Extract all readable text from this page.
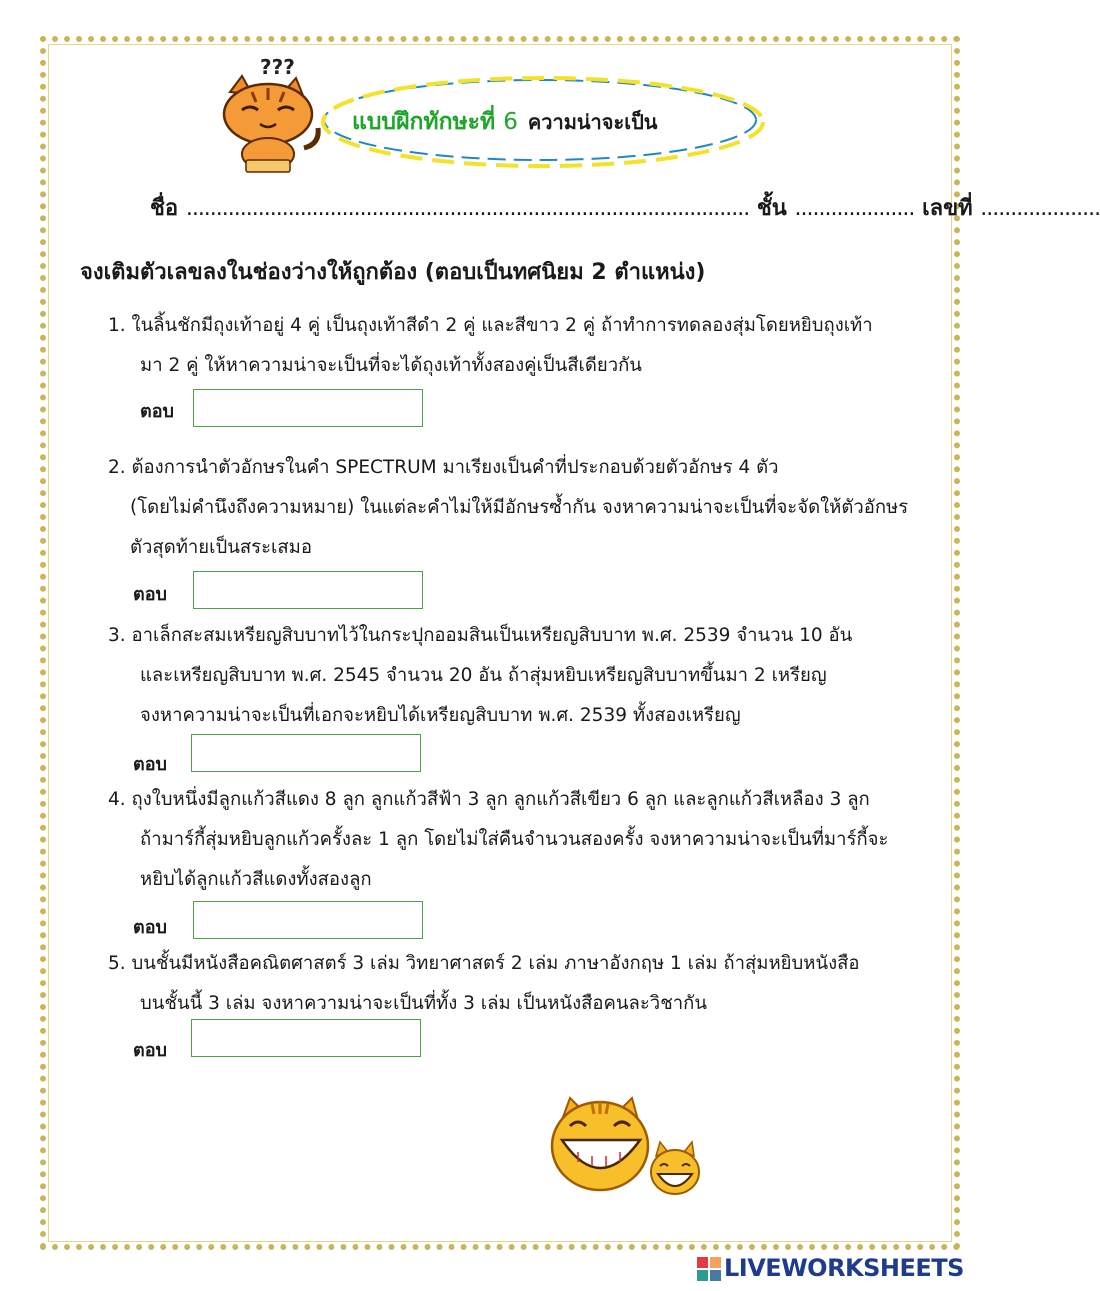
???
แบบฝึกทักษะที่ 6 ความน่าจะเป็น
ชื่อ .............................................................................................. ชั้น .................... เลขที่ ....................
จงเติมตัวเลขลงในช่องว่างให้ถูกต้อง (ตอบเป็นทศนิยม 2 ตำแหน่ง)
1. ในลิ้นชักมีถุงเท้าอยู่ 4 คู่ เป็นถุงเท้าสีดำ 2 คู่ และสีขาว 2 คู่ ถ้าทำการทดลองสุ่มโดยหยิบถุงเท้า
มา 2 คู่ ให้หาความน่าจะเป็นที่จะได้ถุงเท้าทั้งสองคู่เป็นสีเดียวกัน
ตอบ
2. ต้องการนำตัวอักษรในคำ SPECTRUM มาเรียงเป็นคำที่ประกอบด้วยตัวอักษร 4 ตัว
(โดยไม่คำนึงถึงความหมาย) ในแต่ละคำไม่ให้มีอักษรซ้ำกัน จงหาความน่าจะเป็นที่จะจัดให้ตัวอักษร
ตัวสุดท้ายเป็นสระเสมอ
ตอบ
3. อาเล็กสะสมเหรียญสิบบาทไว้ในกระปุกออมสินเป็นเหรียญสิบบาท พ.ศ. 2539 จำนวน 10 อัน
และเหรียญสิบบาท พ.ศ. 2545 จำนวน 20 อัน ถ้าสุ่มหยิบเหรียญสิบบาทขึ้นมา 2 เหรียญ
จงหาความน่าจะเป็นที่เอกจะหยิบได้เหรียญสิบบาท พ.ศ. 2539 ทั้งสองเหรียญ
ตอบ
4. ถุงใบหนึ่งมีลูกแก้วสีแดง 8 ลูก ลูกแก้วสีฟ้า 3 ลูก ลูกแก้วสีเขียว 6 ลูก และลูกแก้วสีเหลือง 3 ลูก
ถ้ามาร์กี้สุ่มหยิบลูกแก้วครั้งละ 1 ลูก โดยไม่ใส่คืนจำนวนสองครั้ง จงหาความน่าจะเป็นที่มาร์กี้จะ
หยิบได้ลูกแก้วสีแดงทั้งสองลูก
ตอบ
5. บนชั้นมีหนังสือคณิตศาสตร์ 3 เล่ม วิทยาศาสตร์ 2 เล่ม ภาษาอังกฤษ 1 เล่ม ถ้าสุ่มหยิบหนังสือ
บนชั้นนี้ 3 เล่ม จงหาความน่าจะเป็นที่ทั้ง 3 เล่ม เป็นหนังสือคนละวิชากัน
ตอบ
LIVEWORKSHEETS
